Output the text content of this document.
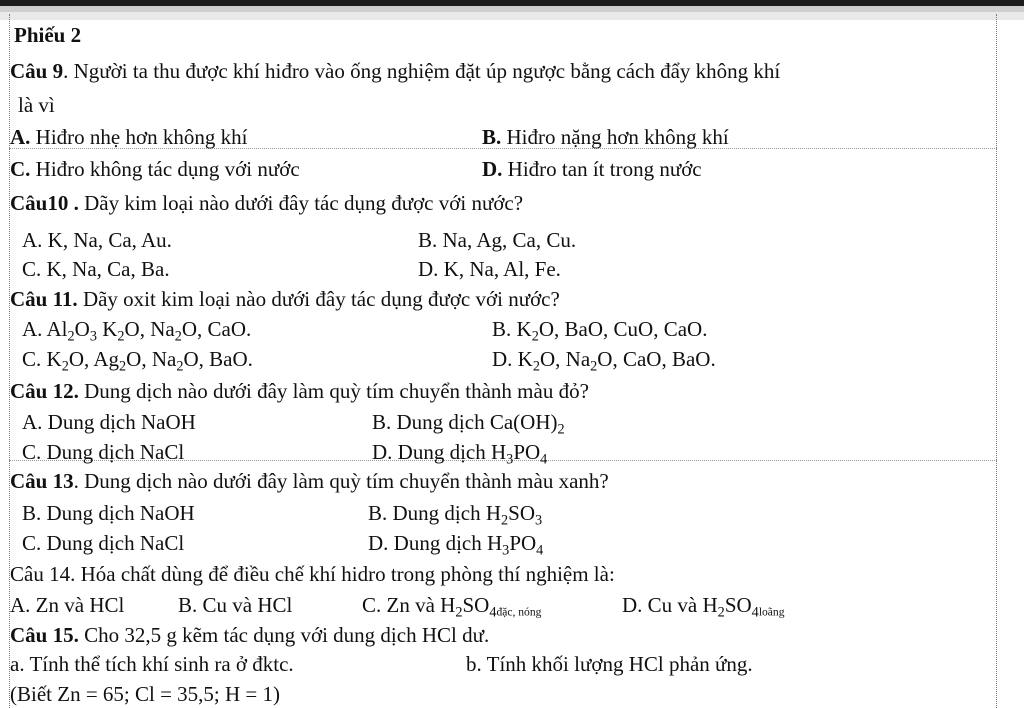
Phiếu 2
Câu 9. Người ta thu được khí hiđro vào ống nghiệm đặt úp ngược bằng cách đẩy không khí
là vì
A. Hiđro nhẹ hơn không khí	B. Hiđro nặng hơn không khí
C. Hiđro không tác dụng với nước	D. Hiđro tan ít trong nước
Câu10 . Dãy kim loại nào dưới đây tác dụng được với nước?
A. K, Na, Ca, Au.	B. Na, Ag, Ca, Cu.
C. K, Na, Ca, Ba.	D. K, Na, Al, Fe.
Câu 11. Dãy oxit kim loại nào dưới đây tác dụng được với nước?
A. $Al_2O_3$ $K_2O$, $Na_2O$, CaO.	B. $K_2O$, BaO, CuO, CaO.
C. $K_2O$, $Ag_2O$, $Na_2O$, BaO.	D. $K_2O$, $Na_2O$, CaO, BaO.
Câu 12. Dung dịch nào dưới đây làm quỳ tím chuyển thành màu đỏ?
A. Dung dịch NaOH	B. Dung dịch $Ca(OH)_2$
C. Dung dịch NaCl	D. Dung dịch $H_3PO_4$
Câu 13. Dung dịch nào dưới đây làm quỳ tím chuyển thành màu xanh?
B. Dung dịch NaOH	B. Dung dịch $H_2SO_3$
C. Dung dịch NaCl	D. Dung dịch $H_3PO_4$
Câu 14. Hóa chất dùng để điều chế khí hidro trong phòng thí nghiệm là:
A. Zn và HCl	B. Cu và HCl	C. Zn và $H_2SO_{4đặc, nóng}$	D. Cu và $H_2SO_{4loãng}$
Câu 15. Cho 32,5 g kẽm tác dụng với dung dịch HCl dư.
a. Tính thể tích khí sinh ra ở đktc.	b. Tính khối lượng HCl phản ứng.
(Biết Zn = 65; Cl = 35,5; H = 1)
